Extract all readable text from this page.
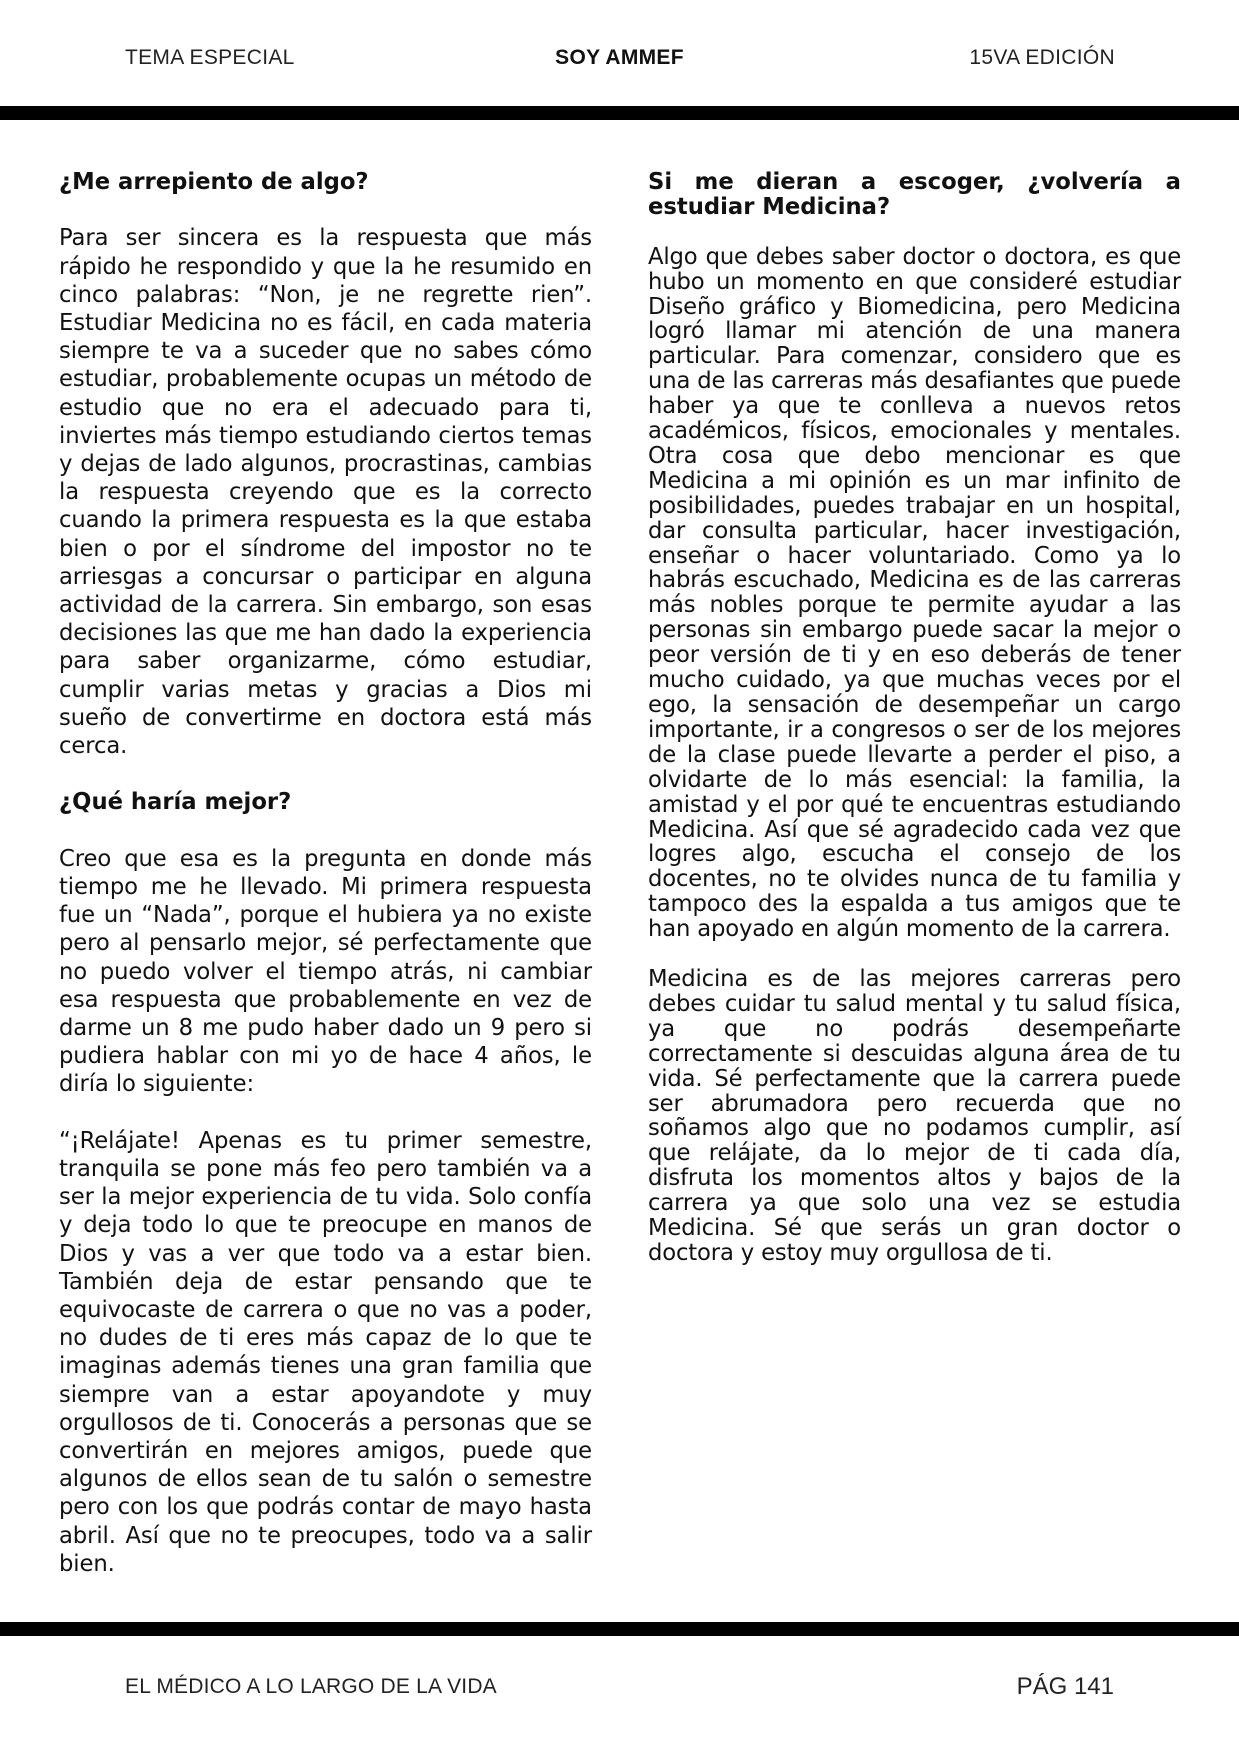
TEMA ESPECIAL	SOY AMMEF	15VA EDICIÓN
¿Me arrepiento de algo?

Para ser sincera es la respuesta que más rápido he respondido y que la he resumido en cinco palabras: “Non, je ne regrette rien”. Estudiar Medicina no es fácil, en cada materia siempre te va a suceder que no sabes cómo estudiar, probablemente ocupas un método de estudio que no era el adecuado para ti, inviertes más tiempo estudiando ciertos temas y dejas de lado algunos, procrastinas, cambias la respuesta creyendo que es la correcto cuando la primera respuesta es la que estaba bien o por el síndrome del impostor no te arriesgas a concursar o participar en alguna actividad de la carrera. Sin embargo, son esas decisiones las que me han dado la experiencia para saber organizarme, cómo estudiar, cumplir varias metas y gracias a Dios mi sueño de convertirme en doctora está más cerca.

¿Qué haría mejor?

Creo que esa es la pregunta en donde más tiempo me he llevado. Mi primera respuesta fue un “Nada”, porque el hubiera ya no existe pero al pensarlo mejor, sé perfectamente que no puedo volver el tiempo atrás, ni cambiar esa respuesta que probablemente en vez de darme un 8 me pudo haber dado un 9 pero si pudiera hablar con mi yo de hace 4 años, le diría lo siguiente:

“¡Relájate! Apenas es tu primer semestre, tranquila se pone más feo pero también va a ser la mejor experiencia de tu vida. Solo confía y deja todo lo que te preocupe en manos de Dios y vas a ver que todo va a estar bien. También deja de estar pensando que te equivocaste de carrera o que no vas a poder, no dudes de ti eres más capaz de lo que te imaginas además tienes una gran familia que siempre van a estar apoyandote y muy orgullosos de ti. Conocerás a personas que se convertirán en mejores amigos, puede que algunos de ellos sean de tu salón o semestre pero con los que podrás contar de mayo hasta abril. Así que no te preocupes, todo va a salir bien.

Si me dieran a escoger, ¿volvería a estudiar Medicina?

Algo que debes saber doctor o doctora, es que hubo un momento en que consideré estudiar Diseño gráfico y Biomedicina, pero Medicina logró llamar mi atención de una manera particular. Para comenzar, considero que es una de las carreras más desafiantes que puede haber ya que te conlleva a nuevos retos académicos, físicos, emocionales y mentales. Otra cosa que debo mencionar es que Medicina a mi opinión es un mar infinito de posibilidades, puedes trabajar en un hospital, dar consulta particular, hacer investigación, enseñar o hacer voluntariado. Como ya lo habrás escuchado, Medicina es de las carreras más nobles porque te permite ayudar a las personas sin embargo puede sacar la mejor o peor versión de ti y en eso deberás de tener mucho cuidado, ya que muchas veces por el ego, la sensación de desempeñar un cargo importante, ir a congresos o ser de los mejores de la clase puede llevarte a perder el piso, a olvidarte de lo más esencial: la familia, la amistad y el por qué te encuentras estudiando Medicina. Así que sé agradecido cada vez que logres algo, escucha el consejo de los docentes, no te olvides nunca de tu familia y tampoco des la espalda a tus amigos que te han apoyado en algún momento de la carrera.

Medicina es de las mejores carreras pero debes cuidar tu salud mental y tu salud física, ya que no podrás desempeñarte correctamente si descuidas alguna área de tu vida. Sé perfectamente que la carrera puede ser abrumadora pero recuerda que no soñamos algo que no podamos cumplir, así que relájate, da lo mejor de ti cada día, disfruta los momentos altos y bajos de la carrera ya que solo una vez se estudia Medicina. Sé que serás un gran doctor o doctora y estoy muy orgullosa de ti.

EL MÉDICO A LO LARGO DE LA VIDA	PÁG 141
